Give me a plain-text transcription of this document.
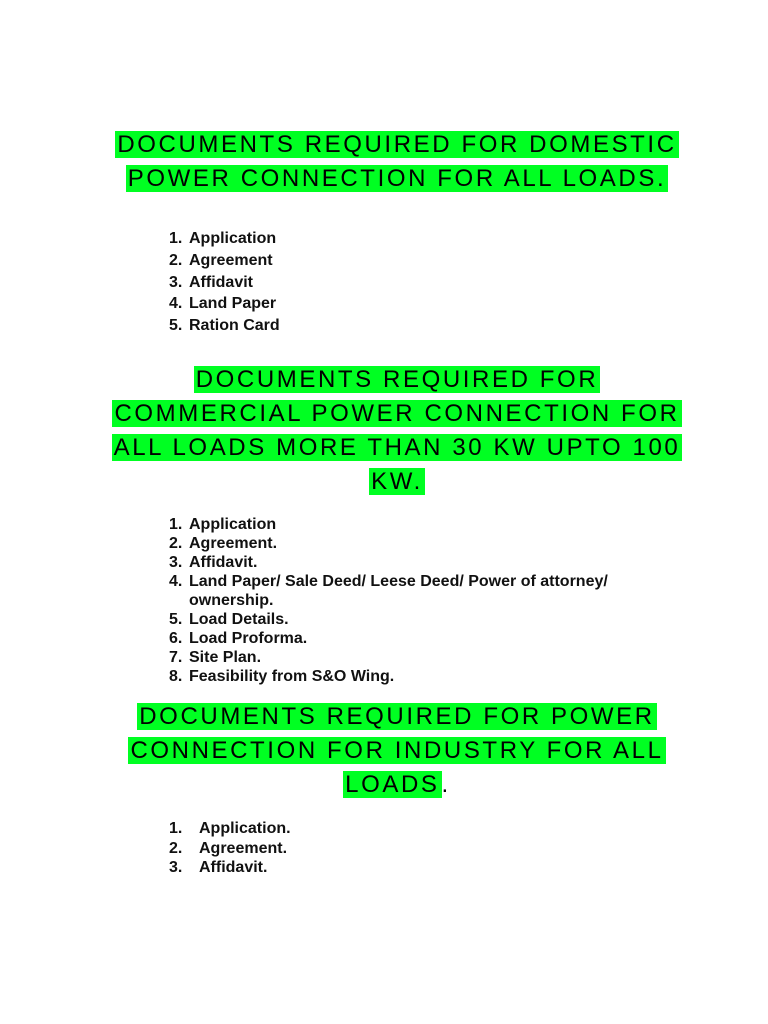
DOCUMENTS REQUIRED FOR DOMESTIC POWER CONNECTION FOR ALL LOADS.
1. Application
2. Agreement
3. Affidavit
4. Land Paper
5. Ration Card
DOCUMENTS REQUIRED FOR COMMERCIAL POWER CONNECTION FOR ALL LOADS MORE THAN 30 KW UPTO 100 KW.
1. Application
2. Agreement.
3. Affidavit.
4. Land Paper/ Sale Deed/ Leese Deed/ Power of attorney/ ownership.
5. Load Details.
6. Load Proforma.
7. Site Plan.
8. Feasibility from S&O Wing.
DOCUMENTS REQUIRED FOR POWER CONNECTION FOR INDUSTRY FOR ALL LOADS.
1. Application.
2. Agreement.
3. Affidavit.
